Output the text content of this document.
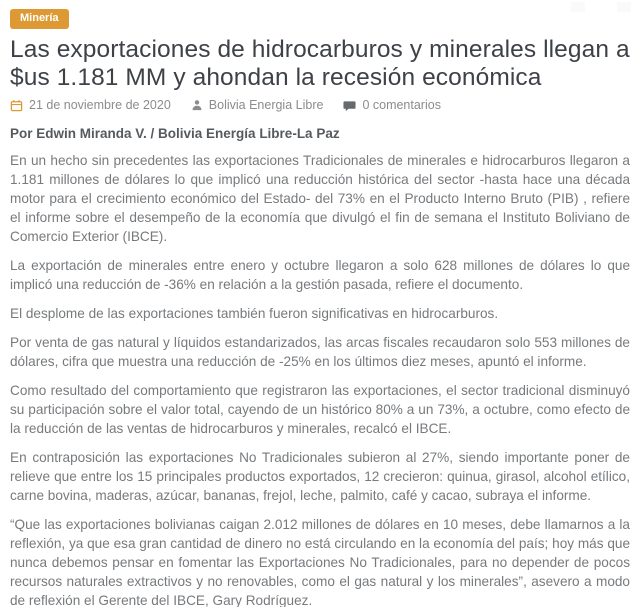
Minería
Las exportaciones de hidrocarburos y minerales llegan a $us 1.181 MM y ahondan la recesión económica
21 de noviembre de 2020	Bolivia Energia Libre	0 comentarios

Por Edwin Miranda V. / Bolivia Energía Libre-La Paz

En un hecho sin precedentes las exportaciones Tradicionales de minerales e hidrocarburos llegaron a 1.181 millones de dólares lo que implicó una reducción histórica del sector -hasta hace una década motor para el crecimiento económico del Estado- del 73% en el Producto Interno Bruto (PIB) , refiere el informe sobre el desempeño de la economía que divulgó el fin de semana el Instituto Boliviano de Comercio Exterior (IBCE).

La exportación de minerales entre enero y octubre llegaron a solo 628 millones de dólares lo que implicó una reducción de -36% en relación a la gestión pasada, refiere el documento.

El desplome de las exportaciones también fueron significativas en hidrocarburos.

Por venta de gas natural y líquidos estandarizados, las arcas fiscales recaudaron solo 553 millones de dólares, cifra que muestra una reducción de -25% en los últimos diez meses, apuntó el informe.

Como resultado del comportamiento que registraron las exportaciones, el sector tradicional disminuyó su participación sobre el valor total, cayendo de un histórico 80% a un 73%, a octubre, como efecto de la reducción de las ventas de hidrocarburos y minerales, recalcó el IBCE.

En contraposición las exportaciones No Tradicionales subieron al 27%, siendo importante poner de relieve que entre los 15 principales productos exportados, 12 crecieron: quinua, girasol, alcohol etílico, carne bovina, maderas, azúcar, bananas, frejol, leche, palmito, café y cacao, subraya el informe.

“Que las exportaciones bolivianas caigan 2.012 millones de dólares en 10 meses, debe llamarnos a la reflexión, ya que esa gran cantidad de dinero no está circulando en la economía del país; hoy más que nunca debemos pensar en fomentar las Exportaciones No Tradicionales, para no depender de pocos recursos naturales extractivos y no renovables, como el gas natural y los minerales”, asevero a modo de reflexión el Gerente del IBCE, Gary Rodríguez.
